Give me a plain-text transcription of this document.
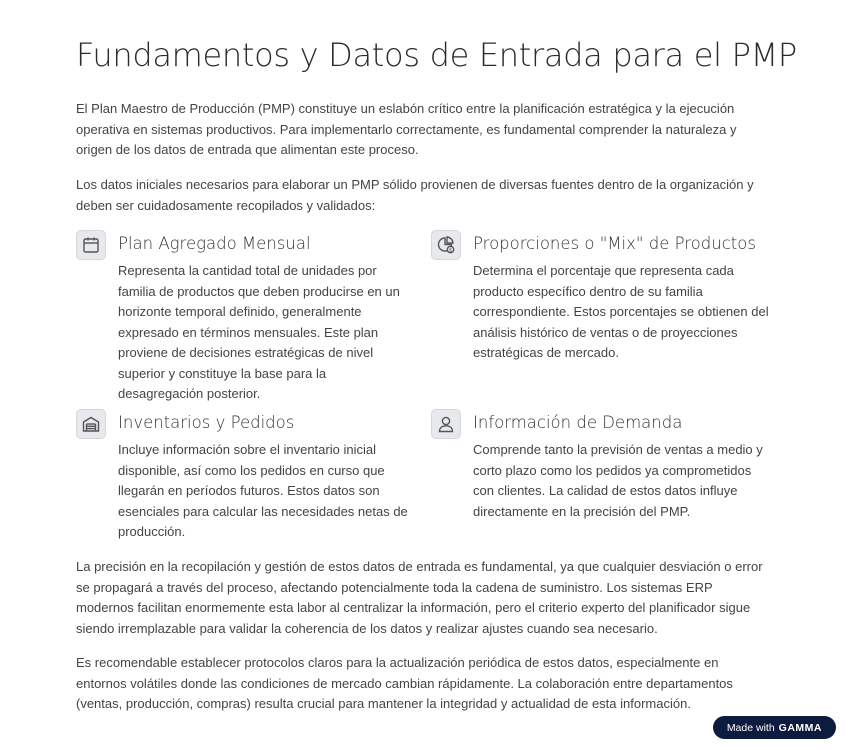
Fundamentos y Datos de Entrada para el PMP

El Plan Maestro de Producción (PMP) constituye un eslabón crítico entre la planificación estratégica y la ejecución operativa en sistemas productivos. Para implementarlo correctamente, es fundamental comprender la naturaleza y origen de los datos de entrada que alimentan este proceso.

Los datos iniciales necesarios para elaborar un PMP sólido provienen de diversas fuentes dentro de la organización y deben ser cuidadosamente recopilados y validados:

Plan Agregado Mensual

Representa la cantidad total de unidades por familia de productos que deben producirse en un horizonte temporal definido, generalmente expresado en términos mensuales. Este plan proviene de decisiones estratégicas de nivel superior y constituye la base para la desagregación posterior.

$ Proporciones o "Mix" de Productos

Determina el porcentaje que representa cada producto específico dentro de su familia correspondiente. Estos porcentajes se obtienen del análisis histórico de ventas o de proyecciones estratégicas de mercado.

Inventarios y Pedidos

Incluye información sobre el inventario inicial disponible, así como los pedidos en curso que llegarán en períodos futuros. Estos datos son esenciales para calcular las necesidades netas de producción.

Información de Demanda

Comprende tanto la previsión de ventas a medio y corto plazo como los pedidos ya comprometidos con clientes. La calidad de estos datos influye directamente en la precisión del PMP.

La precisión en la recopilación y gestión de estos datos de entrada es fundamental, ya que cualquier desviación o error se propagará a través del proceso, afectando potencialmente toda la cadena de suministro. Los sistemas ERP modernos facilitan enormemente esta labor al centralizar la información, pero el criterio experto del planificador sigue siendo irremplazable para validar la coherencia de los datos y realizar ajustes cuando sea necesario.

Es recomendable establecer protocolos claros para la actualización periódica de estos datos, especialmente en entornos volátiles donde las condiciones de mercado cambian rápidamente. La colaboración entre departamentos (ventas, producción, compras) resulta crucial para mantener la integridad y actualidad de esta información.

Made with GAMMA
